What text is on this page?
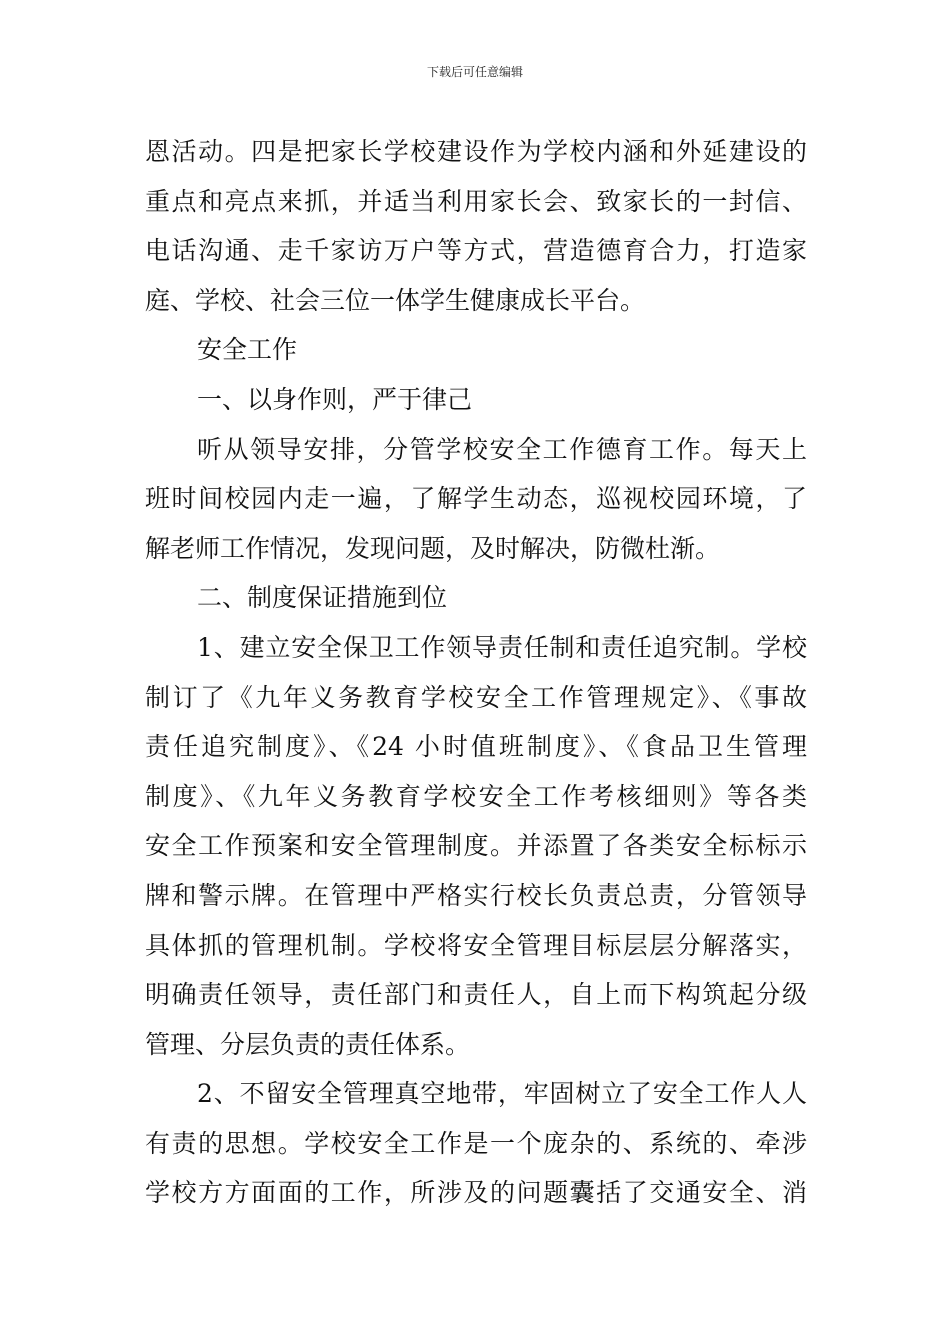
下载后可任意编辑
恩活动。四是把家长学校建设作为学校内涵和外延建设的
重点和亮点来抓，并适当利用家长会、致家长的一封信、
电话沟通、走千家访万户等方式，营造德育合力，打造家
庭、学校、社会三位一体学生健康成长平台。
安全工作
一、以身作则，严于律己
听从领导安排，分管学校安全工作德育工作。每天上
班时间校园内走一遍，了解学生动态，巡视校园环境，了
解老师工作情况，发现问题，及时解决，防微杜渐。
二、制度保证措施到位
1、建立安全保卫工作领导责任制和责任追究制。学校
制订了《九年义务教育学校安全工作管理规定》、《事故
责任追究制度》、《24 小时值班制度》、《食品卫生管理
制度》、《九年义务教育学校安全工作考核细则》等各类
安全工作预案和安全管理制度。并添置了各类安全标标示
牌和警示牌。在管理中严格实行校长负责总责，分管领导
具体抓的管理机制。学校将安全管理目标层层分解落实，
明确责任领导，责任部门和责任人，自上而下构筑起分级
管理、分层负责的责任体系。
2、不留安全管理真空地带，牢固树立了安全工作人人
有责的思想。学校安全工作是一个庞杂的、系统的、牵涉
学校方方面面的工作，所涉及的问题囊括了交通安全、消
